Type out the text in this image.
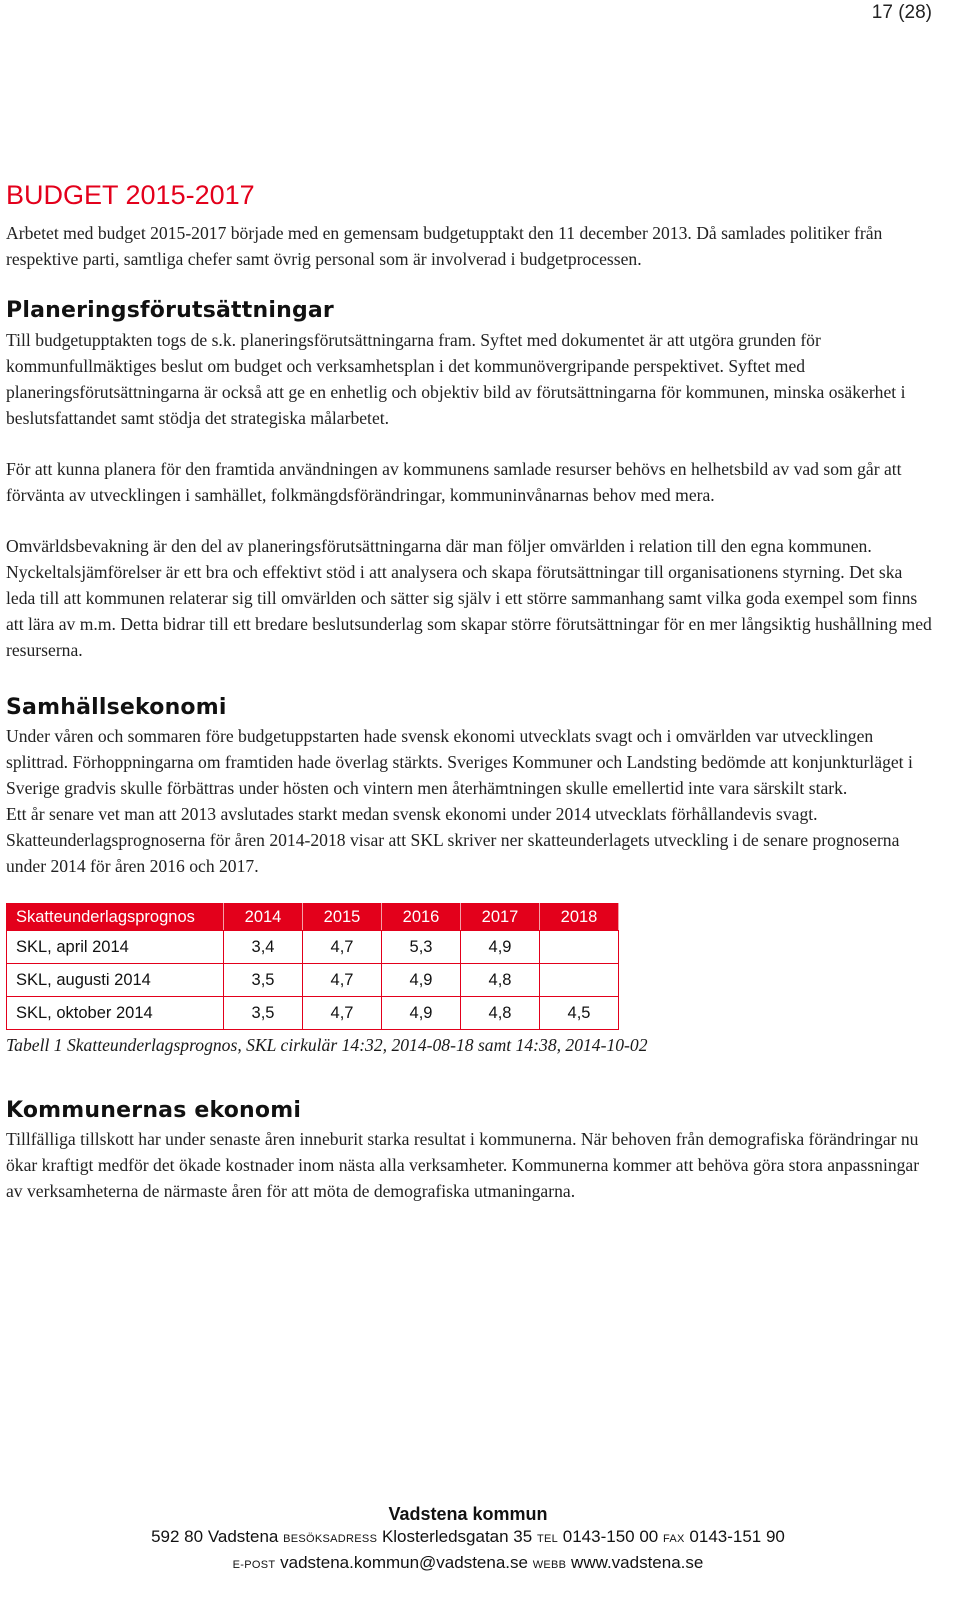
17 (28)
BUDGET 2015-2017

Arbetet med budget 2015-2017 började med en gemensam budgetupptakt den 11 december 2013. Då samlades politiker från respektive parti, samtliga chefer samt övrig personal som är involverad i budgetprocessen.

Planeringsförutsättningar

Till budgetupptakten togs de s.k. planeringsförutsättningarna fram. Syftet med dokumentet är att utgöra grunden för kommunfullmäktiges beslut om budget och verksamhetsplan i det kommunövergripande perspektivet. Syftet med planeringsförutsättningarna är också att ge en enhetlig och objektiv bild av förutsättningarna för kommunen, minska osäkerhet i beslutsfattandet samt stödja det strategiska målarbetet.

För att kunna planera för den framtida användningen av kommunens samlade resurser behövs en helhetsbild av vad som går att förvänta av utvecklingen i samhället, folkmängdsförändringar, kommuninvånarnas behov med mera.

Omvärldsbevakning är den del av planeringsförutsättningarna där man följer omvärlden i relation till den egna kommunen. Nyckeltalsjämförelser är ett bra och effektivt stöd i att analysera och skapa förutsättningar till organisationens styrning. Det ska leda till att kommunen relaterar sig till omvärlden och sätter sig själv i ett större sammanhang samt vilka goda exempel som finns att lära av m.m. Detta bidrar till ett bredare beslutsunderlag som skapar större förutsättningar för en mer långsiktig hushållning med resurserna.

Samhällsekonomi

Under våren och sommaren före budgetuppstarten hade svensk ekonomi utvecklats svagt och i omvärlden var utvecklingen splittrad. Förhoppningarna om framtiden hade överlag stärkts. Sveriges Kommuner och Landsting bedömde att konjunkturläget i Sverige gradvis skulle förbättras under hösten och vintern men återhämtningen skulle emellertid inte vara särskilt stark.

Ett år senare vet man att 2013 avslutades starkt medan svensk ekonomi under 2014 utvecklats förhållandevis svagt. Skatteunderlagsprognoserna för åren 2014-2018 visar att SKL skriver ner skatteunderlagets utveckling i de senare prognoserna under 2014 för åren 2016 och 2017.

Skatteunderlagsprognos	2014	2015	2016	2017	2018
SKL, april 2014	3,4	4,7	5,3	4,9	
SKL, augusti 2014	3,5	4,7	4,9	4,8	
SKL, oktober 2014	3,5	4,7	4,9	4,8	4,5

Tabell 1 Skatteunderlagsprognos, SKL cirkulär 14:32, 2014-08-18 samt 14:38, 2014-10-02

Kommunernas ekonomi

Tillfälliga tillskott har under senaste åren inneburit starka resultat i kommunerna. När behoven från demografiska förändringar nu ökar kraftigt medför det ökade kostnader inom nästa alla verksamheter. Kommunerna kommer att behöva göra stora anpassningar av verksamheterna de närmaste åren för att möta de demografiska utmaningarna.

Vadstena kommun
592 80 Vadstena BESÖKSADRESS Klosterledsgatan 35 TEL 0143-150 00 FAX 0143-151 90
E-POST vadstena.kommun@vadstena.se WEBB www.vadstena.se
